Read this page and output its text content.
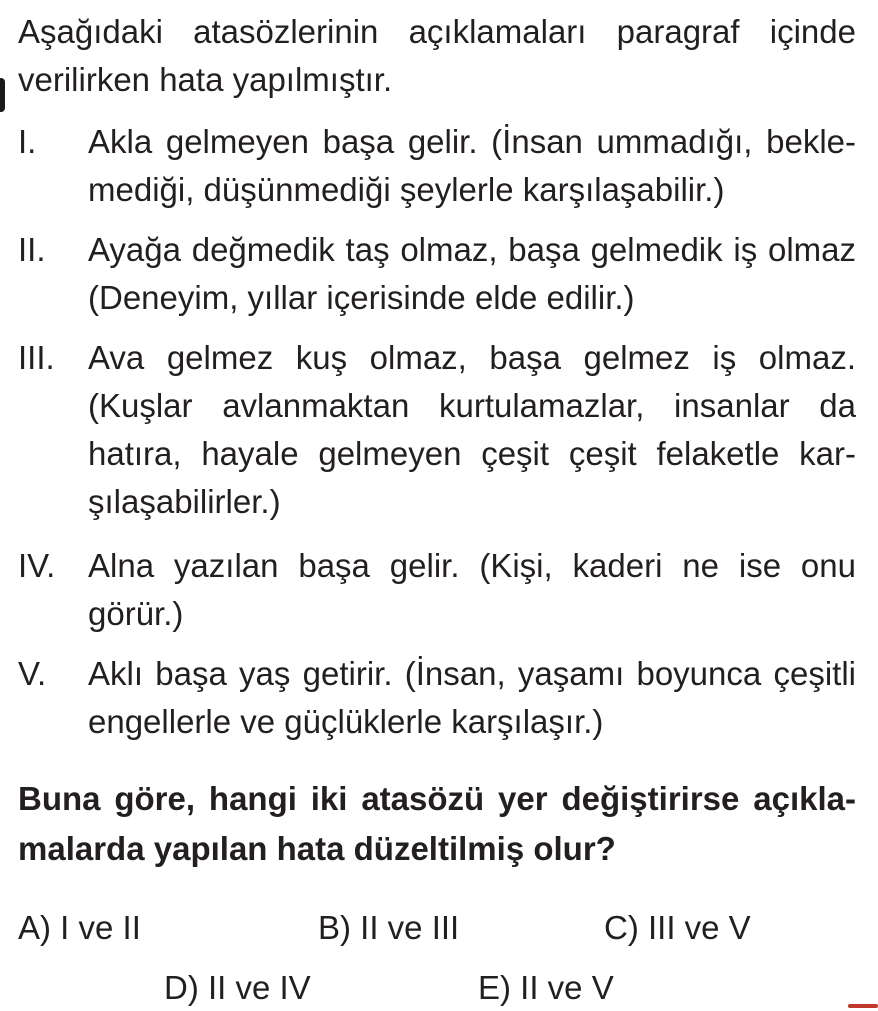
Aşağıdaki atasözlerinin açıklamaları paragraf içinde verilirken hata yapılmıştır.

I. Akla gelmeyen başa gelir. (İnsan ummadığı, beklemediği, düşünmediği şeylerle karşılaşabilir.)

II. Ayağa değmedik taş olmaz, başa gelmedik iş olmaz (Deneyim, yıllar içerisinde elde edilir.)

III. Ava gelmez kuş olmaz, başa gelmez iş olmaz. (Kuşlar avlanmaktan kurtulamazlar, insanlar da hatıra, hayale gelmeyen çeşit çeşit felaketle karşılaşabilirler.)

IV. Alna yazılan başa gelir. (Kişi, kaderi ne ise onu görür.)

V. Aklı başa yaş getirir. (İnsan, yaşamı boyunca çeşitli engellerle ve güçlüklerle karşılaşır.)

Buna göre, hangi iki atasözü yer değiştirirse açıklamalarda yapılan hata düzeltilmiş olur?

A) I ve II	B) II ve III	C) III ve V
D) II ve IV	E) II ve V
